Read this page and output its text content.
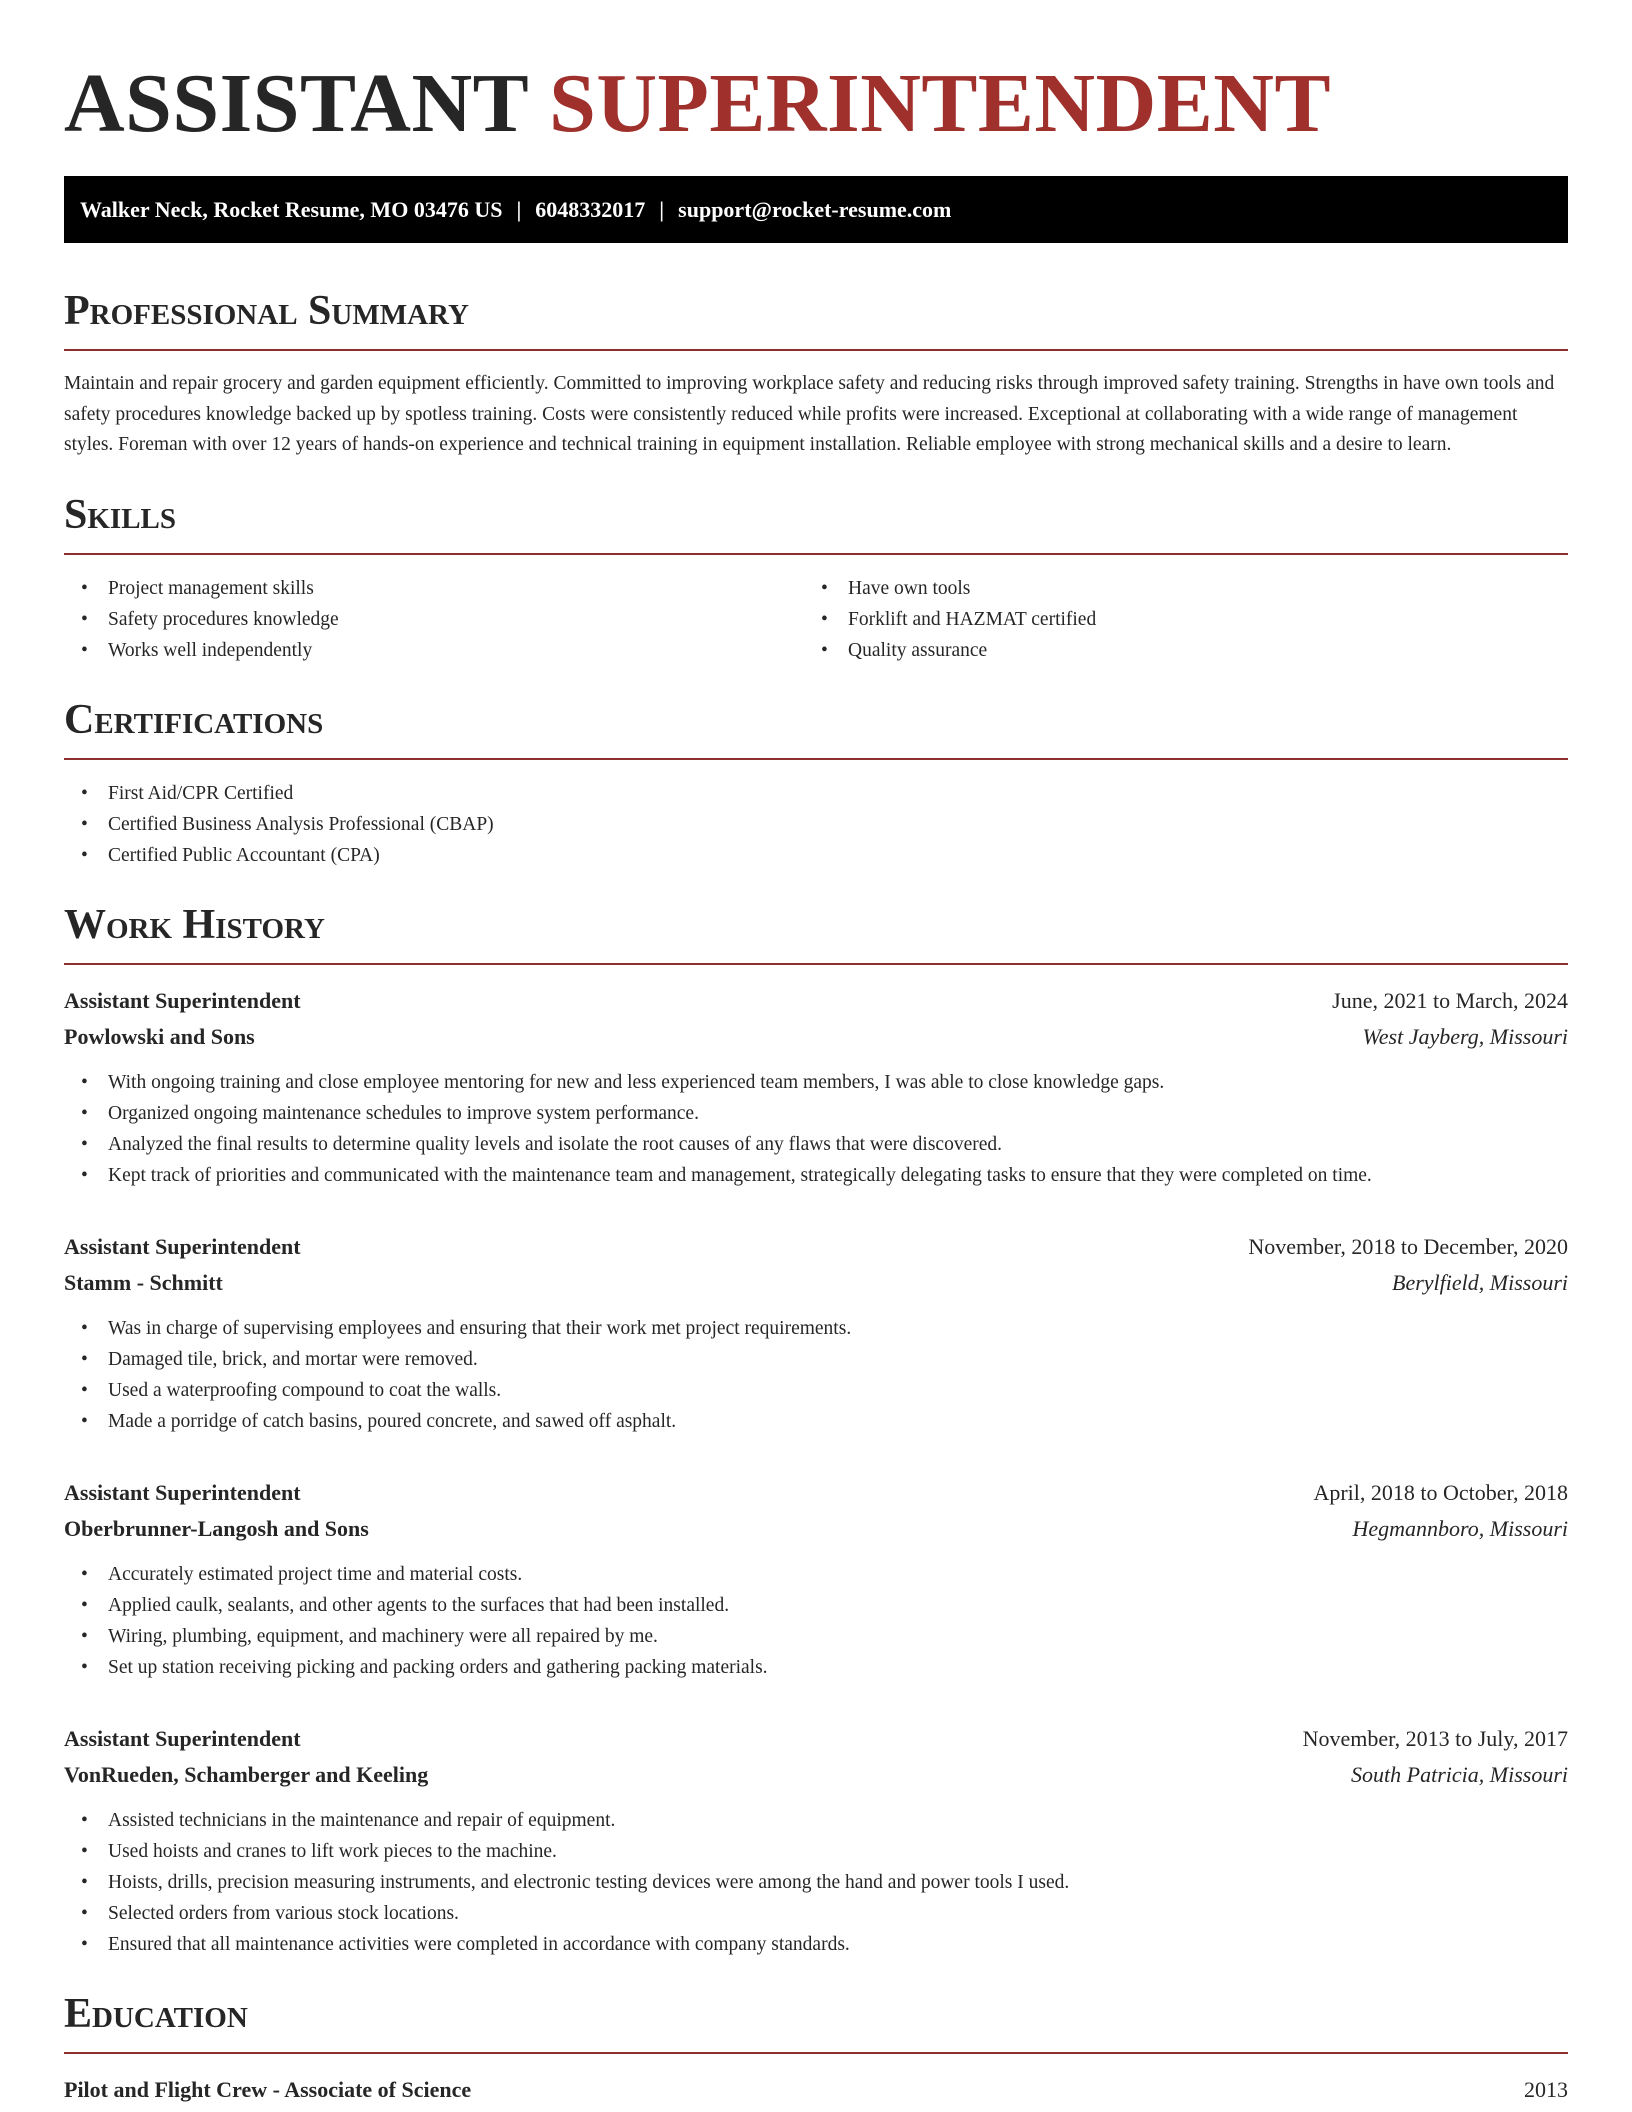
ASSISTANT SUPERINTENDENT
Walker Neck, Rocket Resume, MO 03476 US | 6048332017 | support@rocket-resume.com
Professional Summary

Maintain and repair grocery and garden equipment efficiently. Committed to improving workplace safety and reducing risks through improved safety training. Strengths in have own tools and safety procedures knowledge backed up by spotless training. Costs were consistently reduced while profits were increased. Exceptional at collaborating with a wide range of management styles. Foreman with over 12 years of hands-on experience and technical training in equipment installation. Reliable employee with strong mechanical skills and a desire to learn.

Skills
• Project management skills
• Safety procedures knowledge
• Works well independently
• Have own tools
• Forklift and HAZMAT certified
• Quality assurance
Certifications
• First Aid/CPR Certified
• Certified Business Analysis Professional (CBAP)
• Certified Public Accountant (CPA)
Work History
Assistant Superintendent	June, 2021 to March, 2024
Powlowski and Sons	West Jayberg, Missouri
• With ongoing training and close employee mentoring for new and less experienced team members, I was able to close knowledge gaps.
• Organized ongoing maintenance schedules to improve system performance.
• Analyzed the final results to determine quality levels and isolate the root causes of any flaws that were discovered.
• Kept track of priorities and communicated with the maintenance team and management, strategically delegating tasks to ensure that they were completed on time.
Assistant Superintendent	November, 2018 to December, 2020
Stamm - Schmitt	Berylfield, Missouri
• Was in charge of supervising employees and ensuring that their work met project requirements.
• Damaged tile, brick, and mortar were removed.
• Used a waterproofing compound to coat the walls.
• Made a porridge of catch basins, poured concrete, and sawed off asphalt.
Assistant Superintendent	April, 2018 to October, 2018
Oberbrunner-Langosh and Sons	Hegmannboro, Missouri
• Accurately estimated project time and material costs.
• Applied caulk, sealants, and other agents to the surfaces that had been installed.
• Wiring, plumbing, equipment, and machinery were all repaired by me.
• Set up station receiving picking and packing orders and gathering packing materials.
Assistant Superintendent	November, 2013 to July, 2017
VonRueden, Schamberger and Keeling	South Patricia, Missouri
• Assisted technicians in the maintenance and repair of equipment.
• Used hoists and cranes to lift work pieces to the machine.
• Hoists, drills, precision measuring instruments, and electronic testing devices were among the hand and power tools I used.
• Selected orders from various stock locations.
• Ensured that all maintenance activities were completed in accordance with company standards.
Education
Pilot and Flight Crew - Associate of Science	2013
